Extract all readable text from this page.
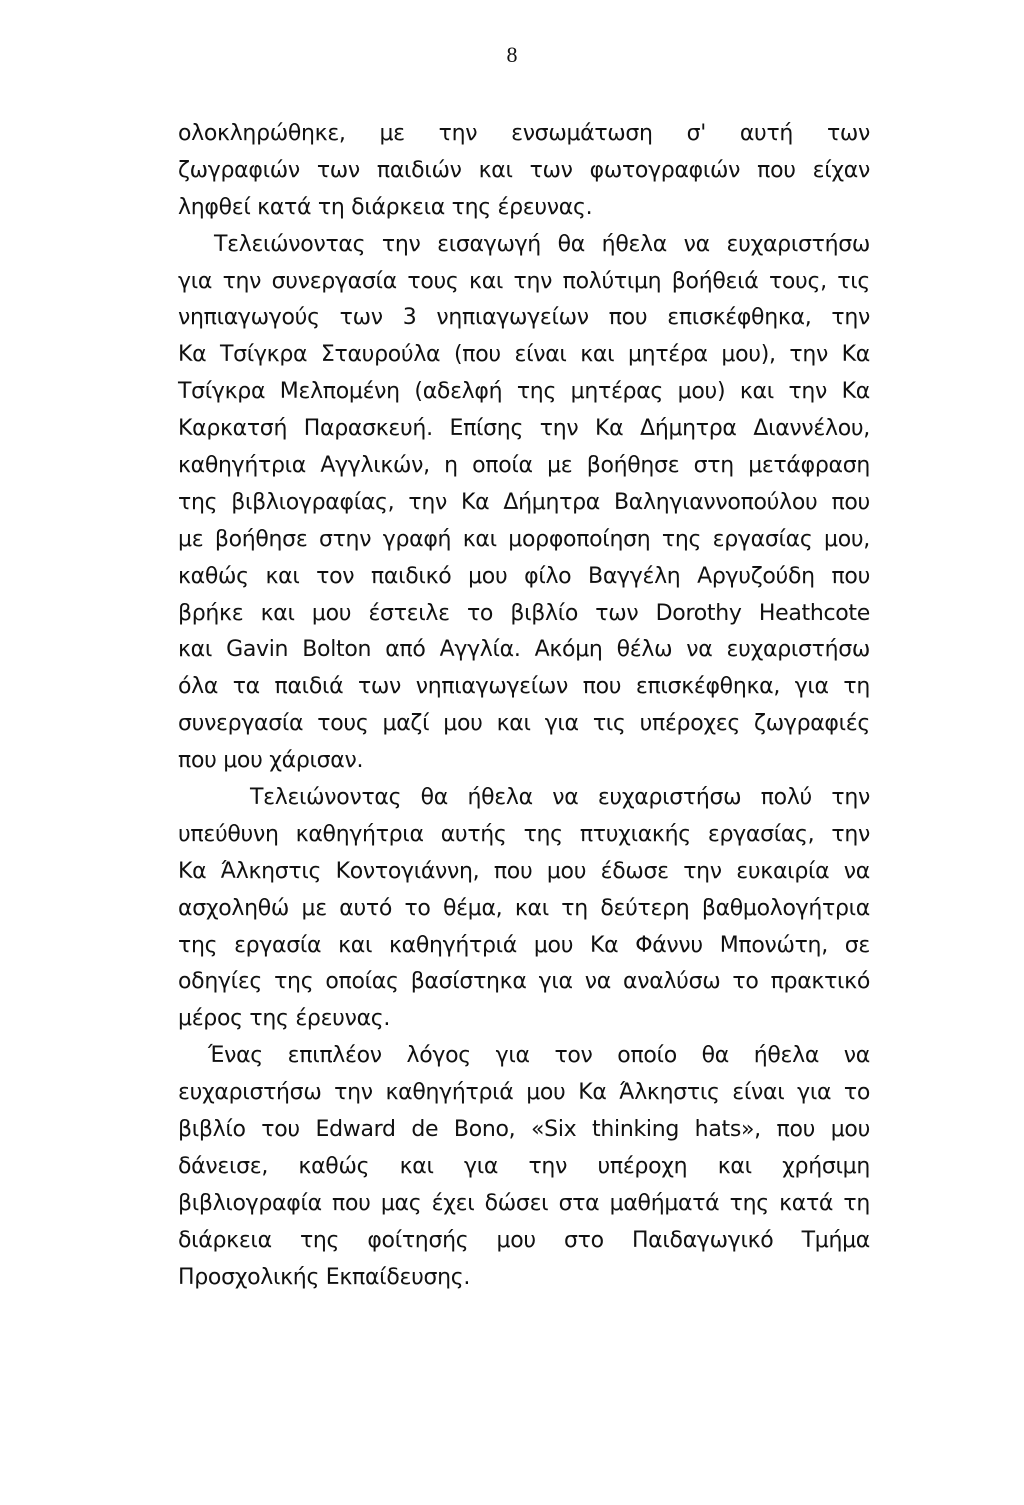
8
ολοκληρώθηκε, με την ενσωμάτωση σ' αυτή των
ζωγραφιών των παιδιών και των φωτογραφιών που είχαν
ληφθεί κατά τη διάρκεια της έρευνας.
Τελειώνοντας την εισαγωγή θα ήθελα να ευχαριστήσω
για την συνεργασία τους και την πολύτιμη βοήθειά τους, τις
νηπιαγωγούς των 3 νηπιαγωγείων που επισκέφθηκα, την
Κα Τσίγκρα Σταυρούλα (που είναι και μητέρα μου), την Κα
Τσίγκρα Μελπομένη (αδελφή της μητέρας μου) και την Κα
Καρκατσή Παρασκευή. Επίσης την Κα Δήμητρα Διαννέλου,
καθηγήτρια Αγγλικών, η οποία με βοήθησε στη μετάφραση
της βιβλιογραφίας, την Κα Δήμητρα Βαληγιαννοπούλου που
με βοήθησε στην γραφή και μορφοποίηση της εργασίας μου,
καθώς και τον παιδικό μου φίλο Βαγγέλη Αργυζούδη που
βρήκε και μου έστειλε το βιβλίο των Dorothy Heathcote
και Gavin Bolton από Αγγλία. Ακόμη θέλω να ευχαριστήσω
όλα τα παιδιά των νηπιαγωγείων που επισκέφθηκα, για τη
συνεργασία τους μαζί μου και για τις υπέροχες ζωγραφιές
που μου χάρισαν.
Τελειώνοντας θα ήθελα να ευχαριστήσω πολύ την
υπεύθυνη καθηγήτρια αυτής της πτυχιακής εργασίας, την
Κα Άλκηστις Κοντογιάννη, που μου έδωσε την ευκαιρία να
ασχοληθώ με αυτό το θέμα, και τη δεύτερη βαθμολογήτρια
της εργασία και καθηγήτριά μου Κα Φάννυ Μπονώτη, σε
οδηγίες της οποίας βασίστηκα για να αναλύσω το πρακτικό
μέρος της έρευνας.
Ένας επιπλέον λόγος για τον οποίο θα ήθελα να
ευχαριστήσω την καθηγήτριά μου Κα Άλκηστις είναι για το
βιβλίο του Edward de Bono, «Six thinking hats», που μου
δάνεισε, καθώς και για την υπέροχη και χρήσιμη
βιβλιογραφία που μας έχει δώσει στα μαθήματά της κατά τη
διάρκεια της φοίτησής μου στο Παιδαγωγικό Τμήμα
Προσχολικής Εκπαίδευσης.
